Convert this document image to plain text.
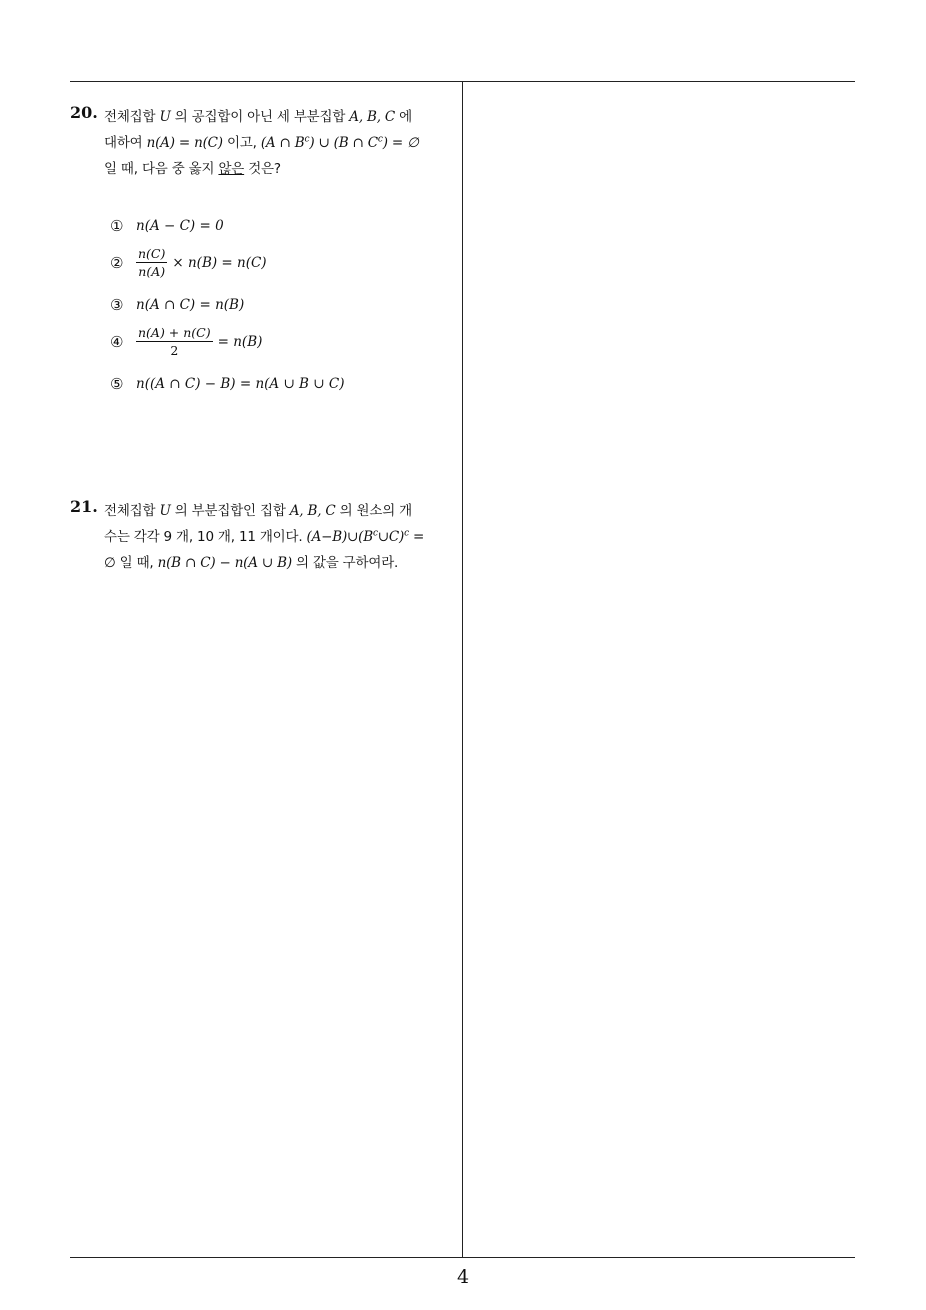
20. 전체집합 U 의 공집합이 아닌 세 부분집합 A, B, C 에
대하여 n(A) = n(C) 이고, (A ∩ $B^c$) ∪ (B ∩ $C^c$) = ∅
일 때, 다음 중 옳지 않은 것은?
① n(A − C) = 0
②	$\frac{n(C)}{n(A)} \times n(B) = n(C)$
③ n(A ∩ C) = n(B)
④	$\frac{n(A) + n(C)}{2} = n(B)$
⑤ n((A ∩ C) − B) = n(A ∪ B ∪ C)
21. 전체집합 U 의 부분집합인 집합 A, B, C 의 원소의 개
수는 각각 9 개, 10 개, 11 개이다. $(A-B)\cup(B^c\cup C)^c$ =
∅ 일 때, n(B ∩ C) − n(A ∪ B) 의 값을 구하여라.
4
